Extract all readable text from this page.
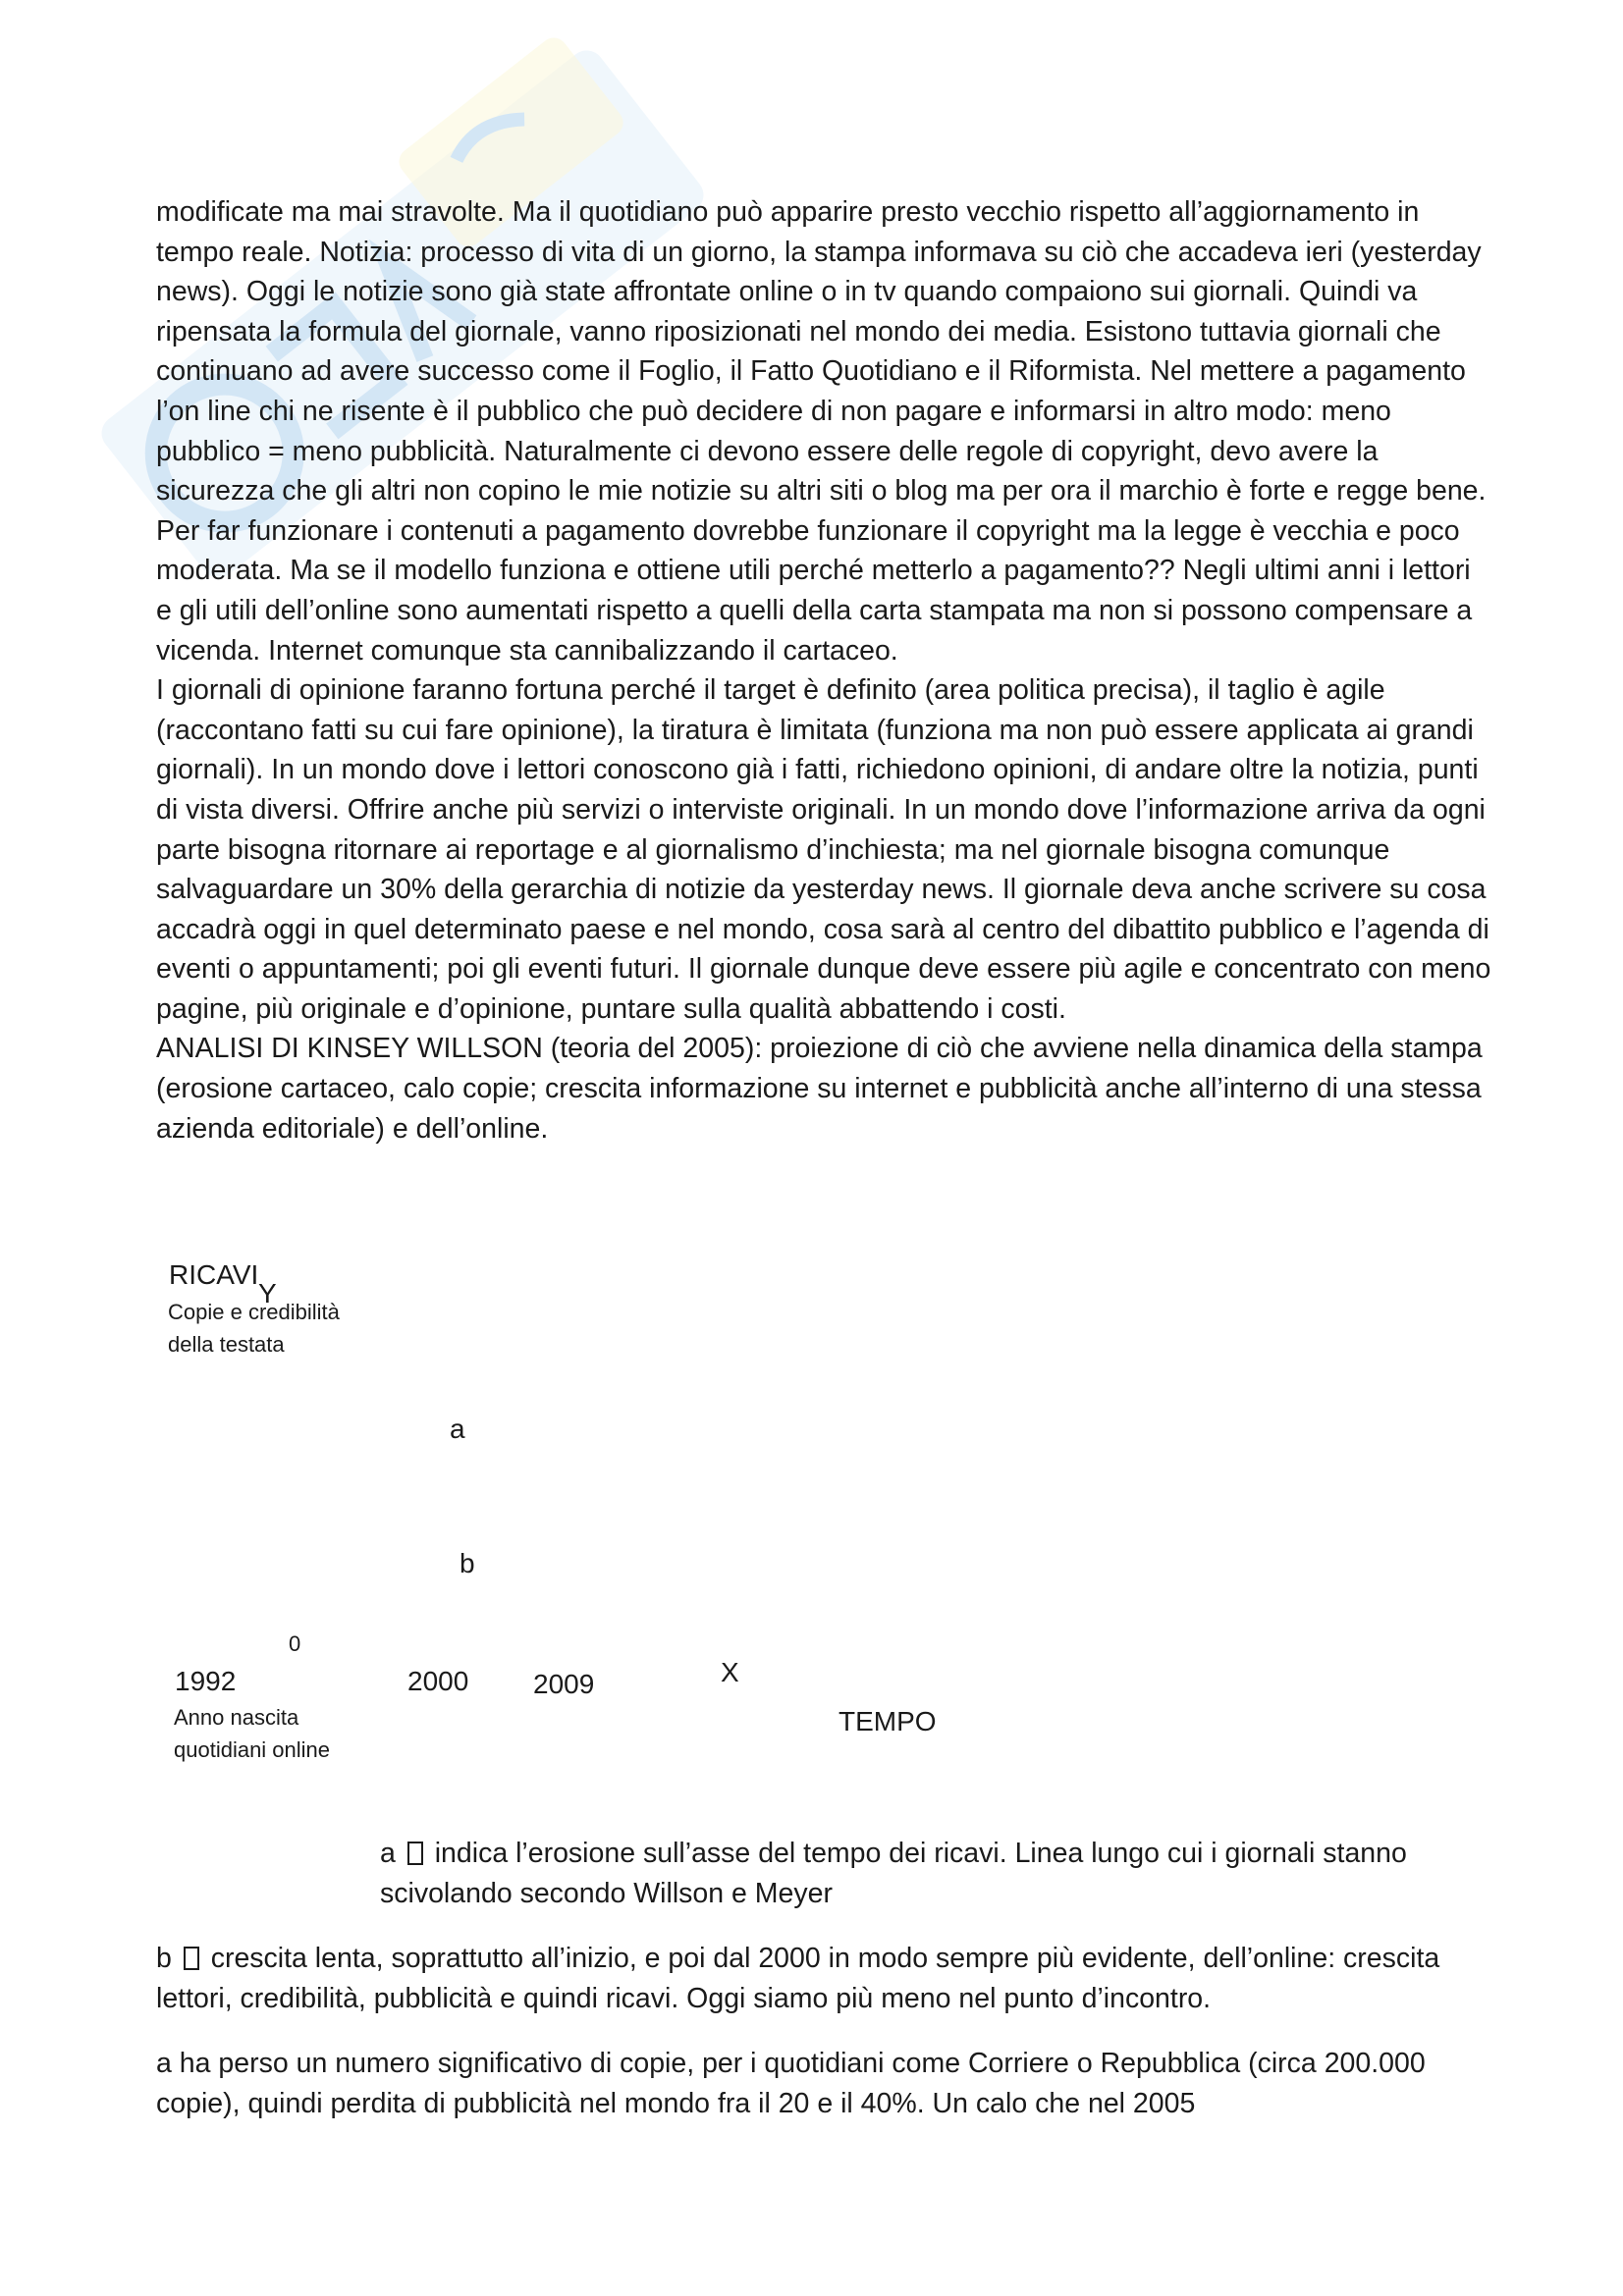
modificate ma mai stravolte. Ma il quotidiano può apparire presto vecchio rispetto all’aggiornamento in tempo reale. Notizia: processo di vita di un giorno, la stampa informava su ciò che accadeva ieri (yesterday news). Oggi le notizie sono già state affrontate online o in tv quando compaiono sui giornali. Quindi va ripensata la formula del giornale, vanno riposizionati nel mondo dei media. Esistono tuttavia giornali che continuano ad avere successo come il Foglio, il Fatto Quotidiano e il Riformista. Nel mettere a pagamento l’on line chi ne risente è il pubblico che può decidere di non pagare e informarsi in altro modo: meno pubblico = meno pubblicità. Naturalmente ci devono essere delle regole di copyright, devo avere la sicurezza che gli altri non copino le mie notizie su altri siti o blog ma per ora il marchio è forte e regge bene. Per far funzionare i contenuti a pagamento dovrebbe funzionare il copyright ma la legge è vecchia e poco moderata. Ma se il modello funziona e ottiene utili perché metterlo a pagamento?? Negli ultimi anni i lettori e gli utili dell’online sono aumentati rispetto a quelli della carta stampata ma non si possono compensare a vicenda. Internet comunque sta cannibalizzando il cartaceo.

I giornali di opinione faranno fortuna perché il target è definito (area politica precisa), il taglio è agile (raccontano fatti su cui fare opinione), la tiratura è limitata (funziona ma non può essere applicata ai grandi giornali). In un mondo dove i lettori conoscono già i fatti, richiedono opinioni, di andare oltre la notizia, punti di vista diversi. Offrire anche più servizi o interviste originali. In un mondo dove l’informazione arriva da ogni parte bisogna ritornare ai reportage e al giornalismo d’inchiesta; ma nel giornale bisogna comunque salvaguardare un 30% della gerarchia di notizie da yesterday news. Il giornale deva anche scrivere su cosa accadrà oggi in quel determinato paese e nel mondo, cosa sarà al centro del dibattito pubblico e l’agenda di eventi o appuntamenti; poi gli eventi futuri. Il giornale dunque deve essere più agile e concentrato con meno pagine, più originale e d’opinione, puntare sulla qualità abbattendo i costi.

ANALISI DI KINSEY WILLSON (teoria del 2005): proiezione di ciò che avviene nella dinamica della stampa (erosione cartaceo, calo copie; crescita informazione su internet e pubblicità anche all’interno di una stessa azienda editoriale) e dell’online.

RICAVI
Y
Copie e credibilità della testata
a
b
0
1992	2000 2009	X
Anno nascita quotidiani online
TEMPO

a  indica l’erosione sull’asse del tempo dei ricavi. Linea lungo cui i giornali stanno scivolando secondo Willson e Meyer

b  crescita lenta, soprattutto all’inizio, e poi dal 2000 in modo sempre più evidente, dell’online: crescita lettori, credibilità, pubblicità e quindi ricavi. Oggi siamo più meno nel punto d’incontro.

a ha perso un numero significativo di copie, per i quotidiani come Corriere o Repubblica (circa 200.000 copie), quindi perdita di pubblicità nel mondo fra il 20 e il 40%. Un calo che nel 2005
